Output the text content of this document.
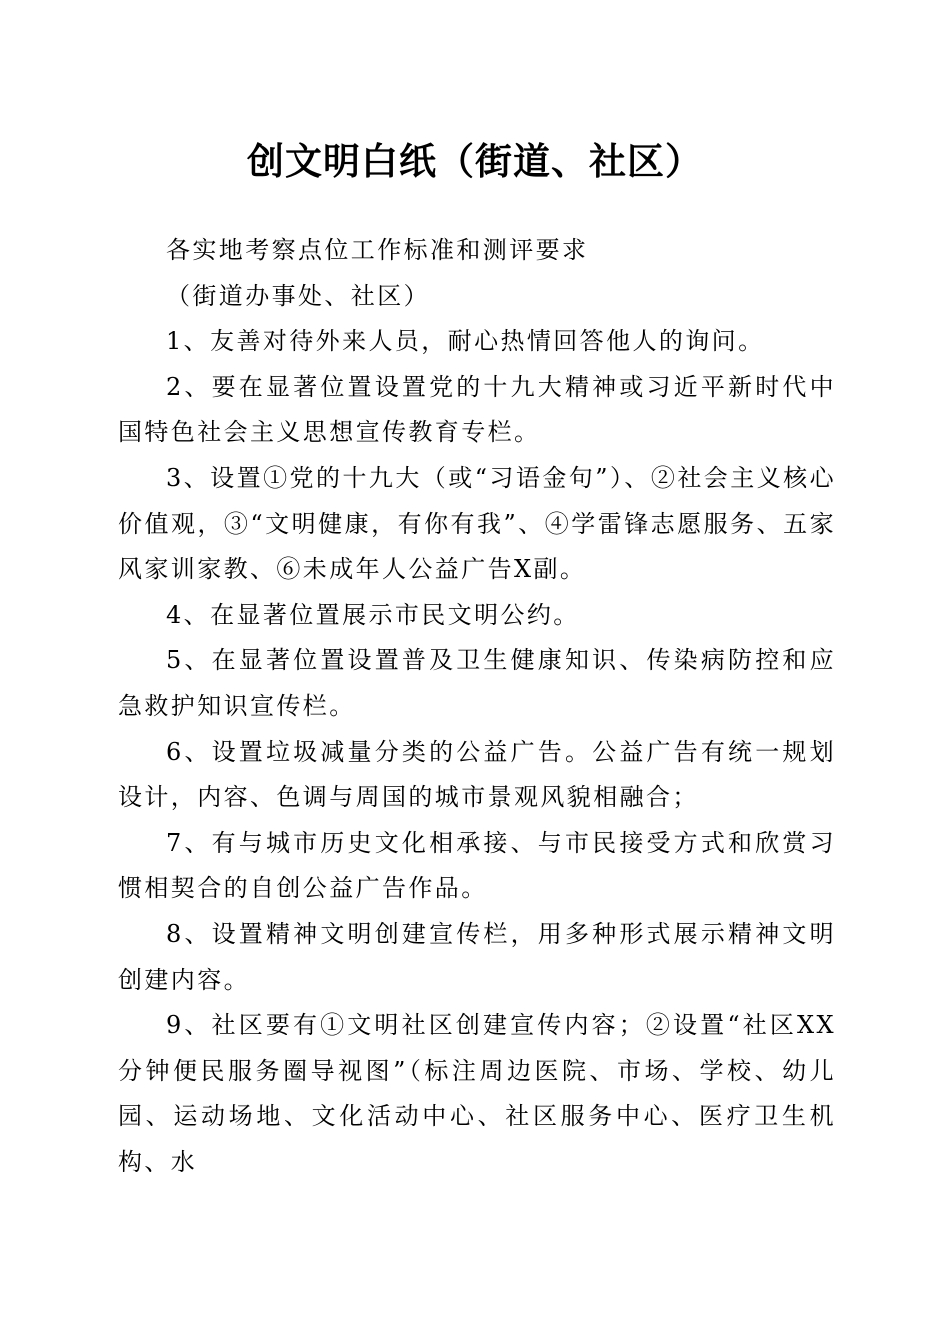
创文明白纸（街道、社区）

各实地考察点位工作标准和测评要求

（街道办事处、社区）

1、友善对待外来人员，耐心热情回答他人的询问。

2、要在显著位置设置党的十九大精神或习近平新时代中国特色社会主义思想宣传教育专栏。

3、设置①党的十九大（或“习语金句”）、②社会主义核心价值观，③“文明健康，有你有我”、④学雷锋志愿服务、五家风家训家教、⑥未成年人公益广告X副。

4、在显著位置展示市民文明公约。

5、在显著位置设置普及卫生健康知识、传染病防控和应急救护知识宣传栏。

6、设置垃圾减量分类的公益广告。公益广告有统一规划设计，内容、色调与周国的城市景观风貌相融合；

7、有与城市历史文化相承接、与市民接受方式和欣赏习惯相契合的自创公益广告作品。

8、设置精神文明创建宣传栏，用多种形式展示精神文明创建内容。

9、社区要有①文明社区创建宣传内容；②设置“社区XX分钟便民服务圈导视图”（标注周边医院、市场、学校、幼儿园、运动场地、文化活动中心、社区服务中心、医疗卫生机构、水
